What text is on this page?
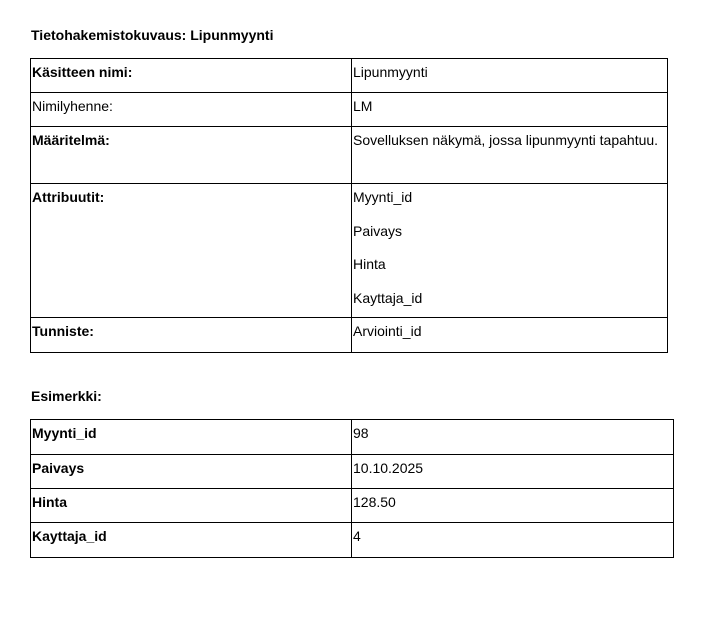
Tietohakemistokuvaus: Lipunmyynti

Käsitteen nimi:	Lipunmyynti
Nimilyhenne:	LM
Määritelmä:	Sovelluksen näkymä, jossa lipunmyynti tapahtuu.
Attribuutit:	Myynti_id
Paivays
Hinta
Kayttaja_id

Tunniste:	Arviointi_id

Esimerkki:

Myynti_id	98
Paivays	10.10.2025
Hinta	128.50
Kayttaja_id	4
